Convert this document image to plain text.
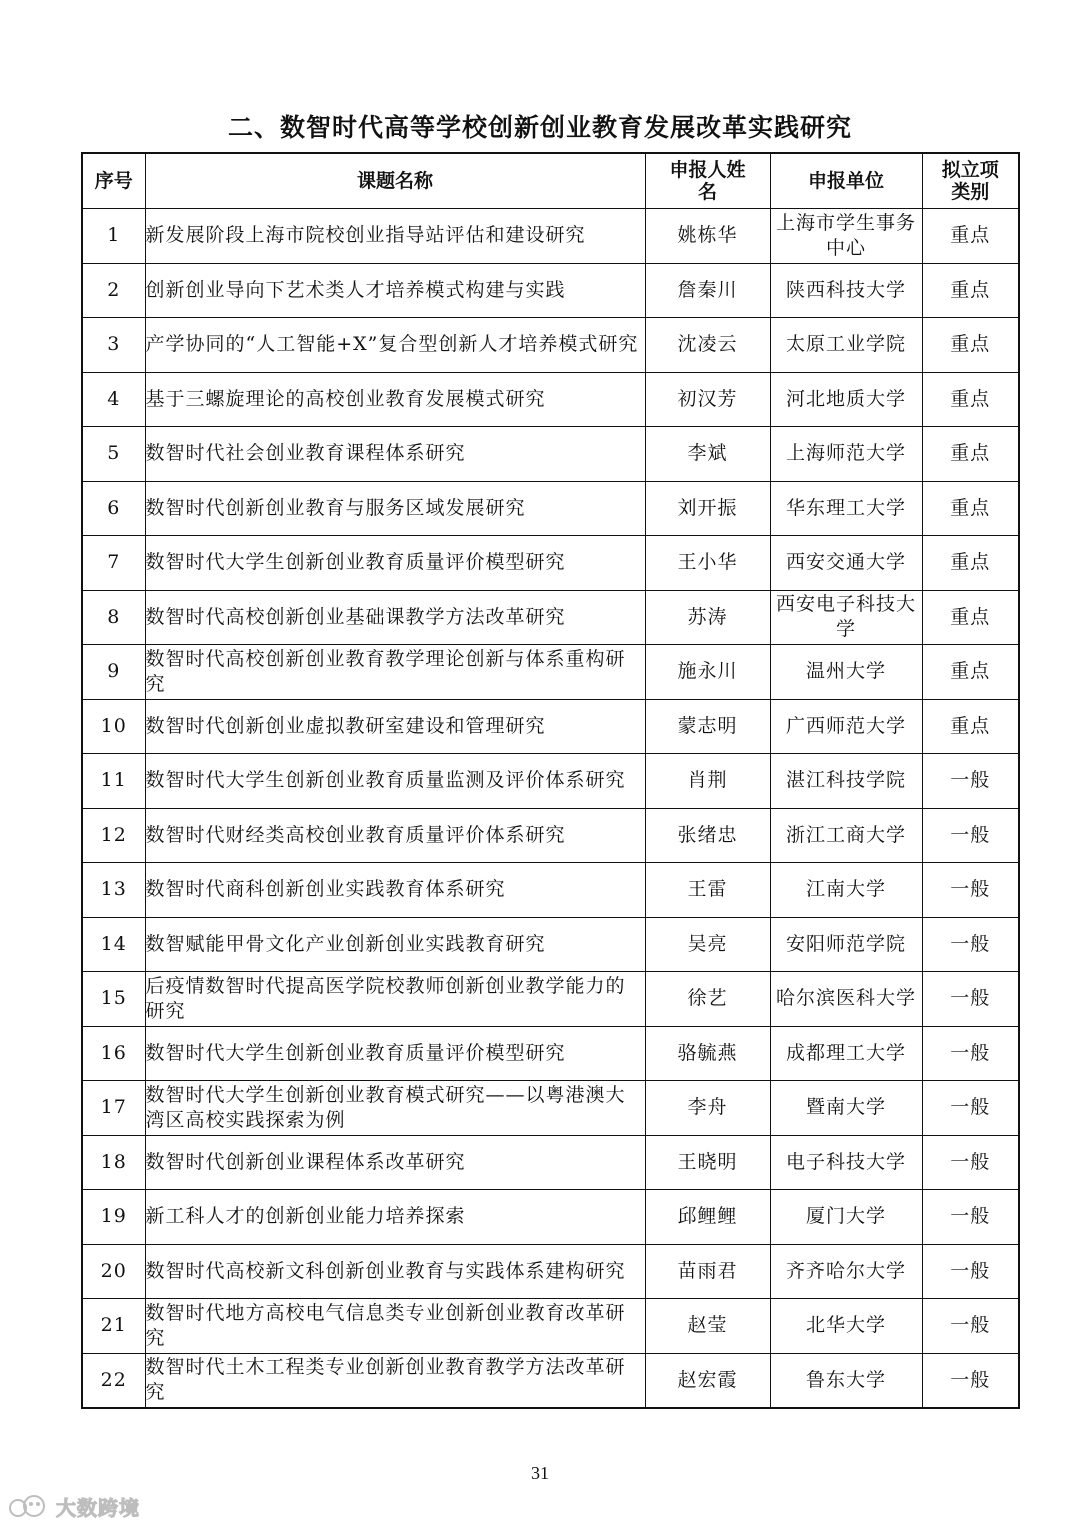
二、数智时代高等学校创新创业教育发展改革实践研究
序号	课题名称	申报人姓名	申报单位	拟立项类别
1	新发展阶段上海市院校创业指导站评估和建设研究	姚栋华	上海市学生事务中心	重点
2	创新创业导向下艺术类人才培养模式构建与实践	詹秦川	陕西科技大学	重点
3	产学协同的“人工智能+X”复合型创新人才培养模式研究	沈凌云	太原工业学院	重点
4	基于三螺旋理论的高校创业教育发展模式研究	初汉芳	河北地质大学	重点
5	数智时代社会创业教育课程体系研究	李斌	上海师范大学	重点
6	数智时代创新创业教育与服务区域发展研究	刘开振	华东理工大学	重点
7	数智时代大学生创新创业教育质量评价模型研究	王小华	西安交通大学	重点
8	数智时代高校创新创业基础课教学方法改革研究	苏涛	西安电子科技大学	重点
9	数智时代高校创新创业教育教学理论创新与体系重构研究	施永川	温州大学	重点
10	数智时代创新创业虚拟教研室建设和管理研究	蒙志明	广西师范大学	重点
11	数智时代大学生创新创业教育质量监测及评价体系研究	肖荆	湛江科技学院	一般
12	数智时代财经类高校创业教育质量评价体系研究	张绪忠	浙江工商大学	一般
13	数智时代商科创新创业实践教育体系研究	王雷	江南大学	一般
14	数智赋能甲骨文化产业创新创业实践教育研究	吴亮	安阳师范学院	一般
15	后疫情数智时代提高医学院校教师创新创业教学能力的研究	徐艺	哈尔滨医科大学	一般
16	数智时代大学生创新创业教育质量评价模型研究	骆毓燕	成都理工大学	一般
17	数智时代大学生创新创业教育模式研究——以粤港澳大湾区高校实践探索为例	李舟	暨南大学	一般
18	数智时代创新创业课程体系改革研究	王晓明	电子科技大学	一般
19	新工科人才的创新创业能力培养探索	邱鲤鲤	厦门大学	一般
20	数智时代高校新文科创新创业教育与实践体系建构研究	苗雨君	齐齐哈尔大学	一般
21	数智时代地方高校电气信息类专业创新创业教育改革研究	赵莹	北华大学	一般
22	数智时代土木工程类专业创新创业教育教学方法改革研究	赵宏霞	鲁东大学	一般
31
大数跨境
